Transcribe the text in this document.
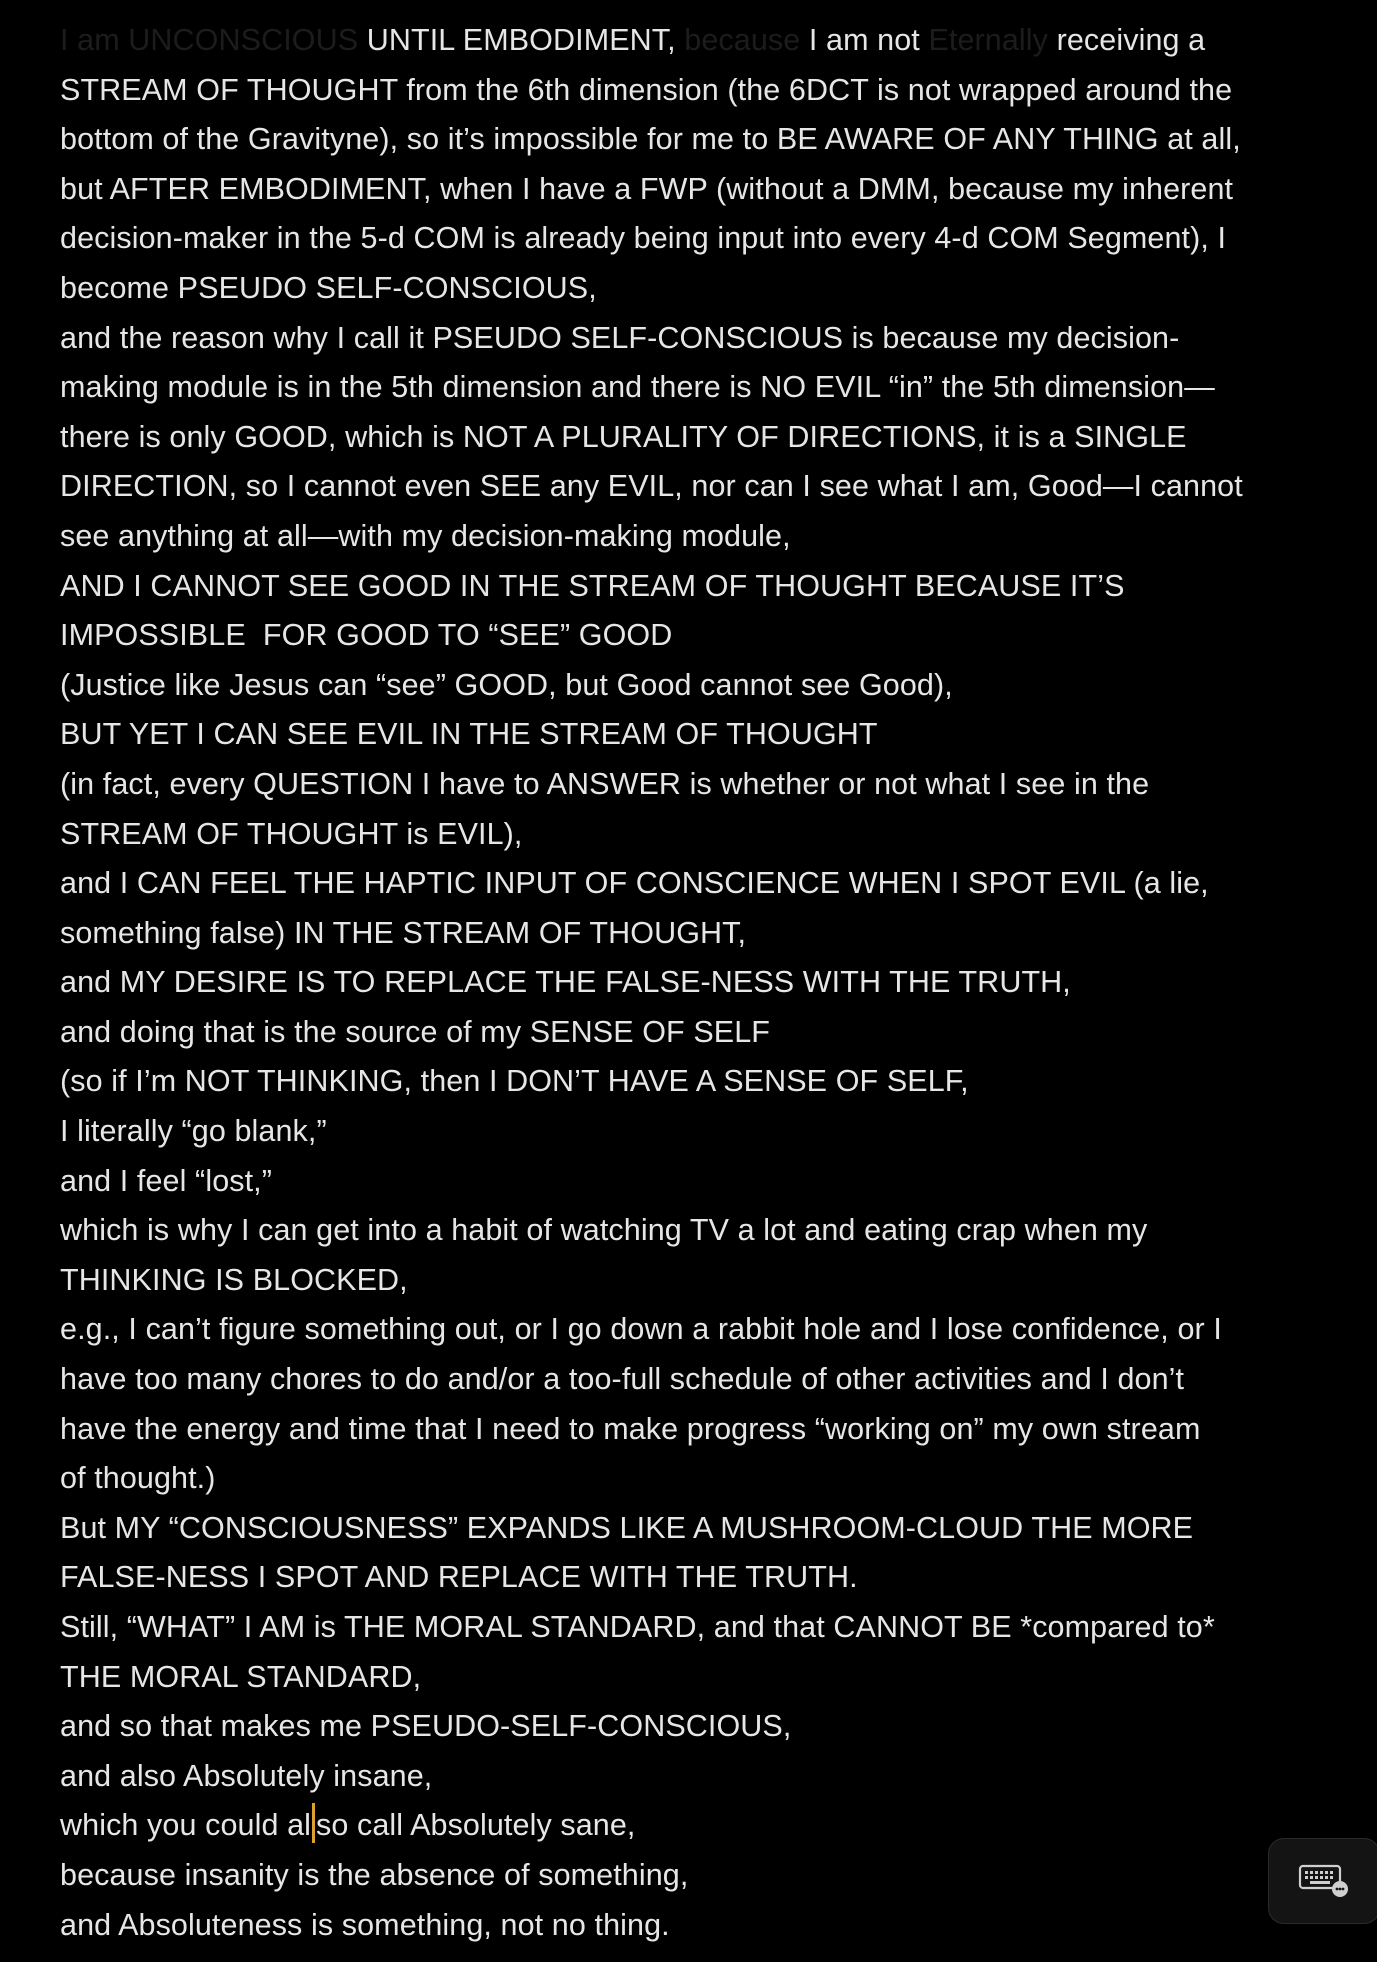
I am UNCONSCIOUS UNTIL EMBODIMENT, because I am not Eternally receiving a
STREAM OF THOUGHT from the 6th dimension (the 6DCT is not wrapped around the
bottom of the Gravityne), so it’s impossible for me to BE AWARE OF ANY THING at all,
but AFTER EMBODIMENT, when I have a FWP (without a DMM, because my inherent
decision-maker in the 5-d COM is already being input into every 4-d COM Segment), I
become PSEUDO SELF-CONSCIOUS,
and the reason why I call it PSEUDO SELF-CONSCIOUS is because my decision-
making module is in the 5th dimension and there is NO EVIL “in” the 5th dimension—
there is only GOOD, which is NOT A PLURALITY OF DIRECTIONS, it is a SINGLE
DIRECTION, so I cannot even SEE any EVIL, nor can I see what I am, Good—I cannot
see anything at all—with my decision-making module,
AND I CANNOT SEE GOOD IN THE STREAM OF THOUGHT BECAUSE IT’S
IMPOSSIBLE  FOR GOOD TO “SEE” GOOD
(Justice like Jesus can “see” GOOD, but Good cannot see Good),
BUT YET I CAN SEE EVIL IN THE STREAM OF THOUGHT
(in fact, every QUESTION I have to ANSWER is whether or not what I see in the
STREAM OF THOUGHT is EVIL),
and I CAN FEEL THE HAPTIC INPUT OF CONSCIENCE WHEN I SPOT EVIL (a lie,
something false) IN THE STREAM OF THOUGHT,
and MY DESIRE IS TO REPLACE THE FALSE-NESS WITH THE TRUTH,
and doing that is the source of my SENSE OF SELF
(so if I’m NOT THINKING, then I DON’T HAVE A SENSE OF SELF,
I literally “go blank,”
and I feel “lost,”
which is why I can get into a habit of watching TV a lot and eating crap when my
THINKING IS BLOCKED,
e.g., I can’t figure something out, or I go down a rabbit hole and I lose confidence, or I
have too many chores to do and/or a too-full schedule of other activities and I don’t
have the energy and time that I need to make progress “working on” my own stream
of thought.)
But MY “CONSCIOUSNESS” EXPANDS LIKE A MUSHROOM-CLOUD THE MORE
FALSE-NESS I SPOT AND REPLACE WITH THE TRUTH.
Still, “WHAT” I AM is THE MORAL STANDARD, and that CANNOT BE *compared to*
THE MORAL STANDARD,
and so that makes me PSEUDO-SELF-CONSCIOUS,
and also Absolutely insane,
which you could al so call Absolutely sane,
because insanity is the absence of something,
and Absoluteness is something, not no thing.
